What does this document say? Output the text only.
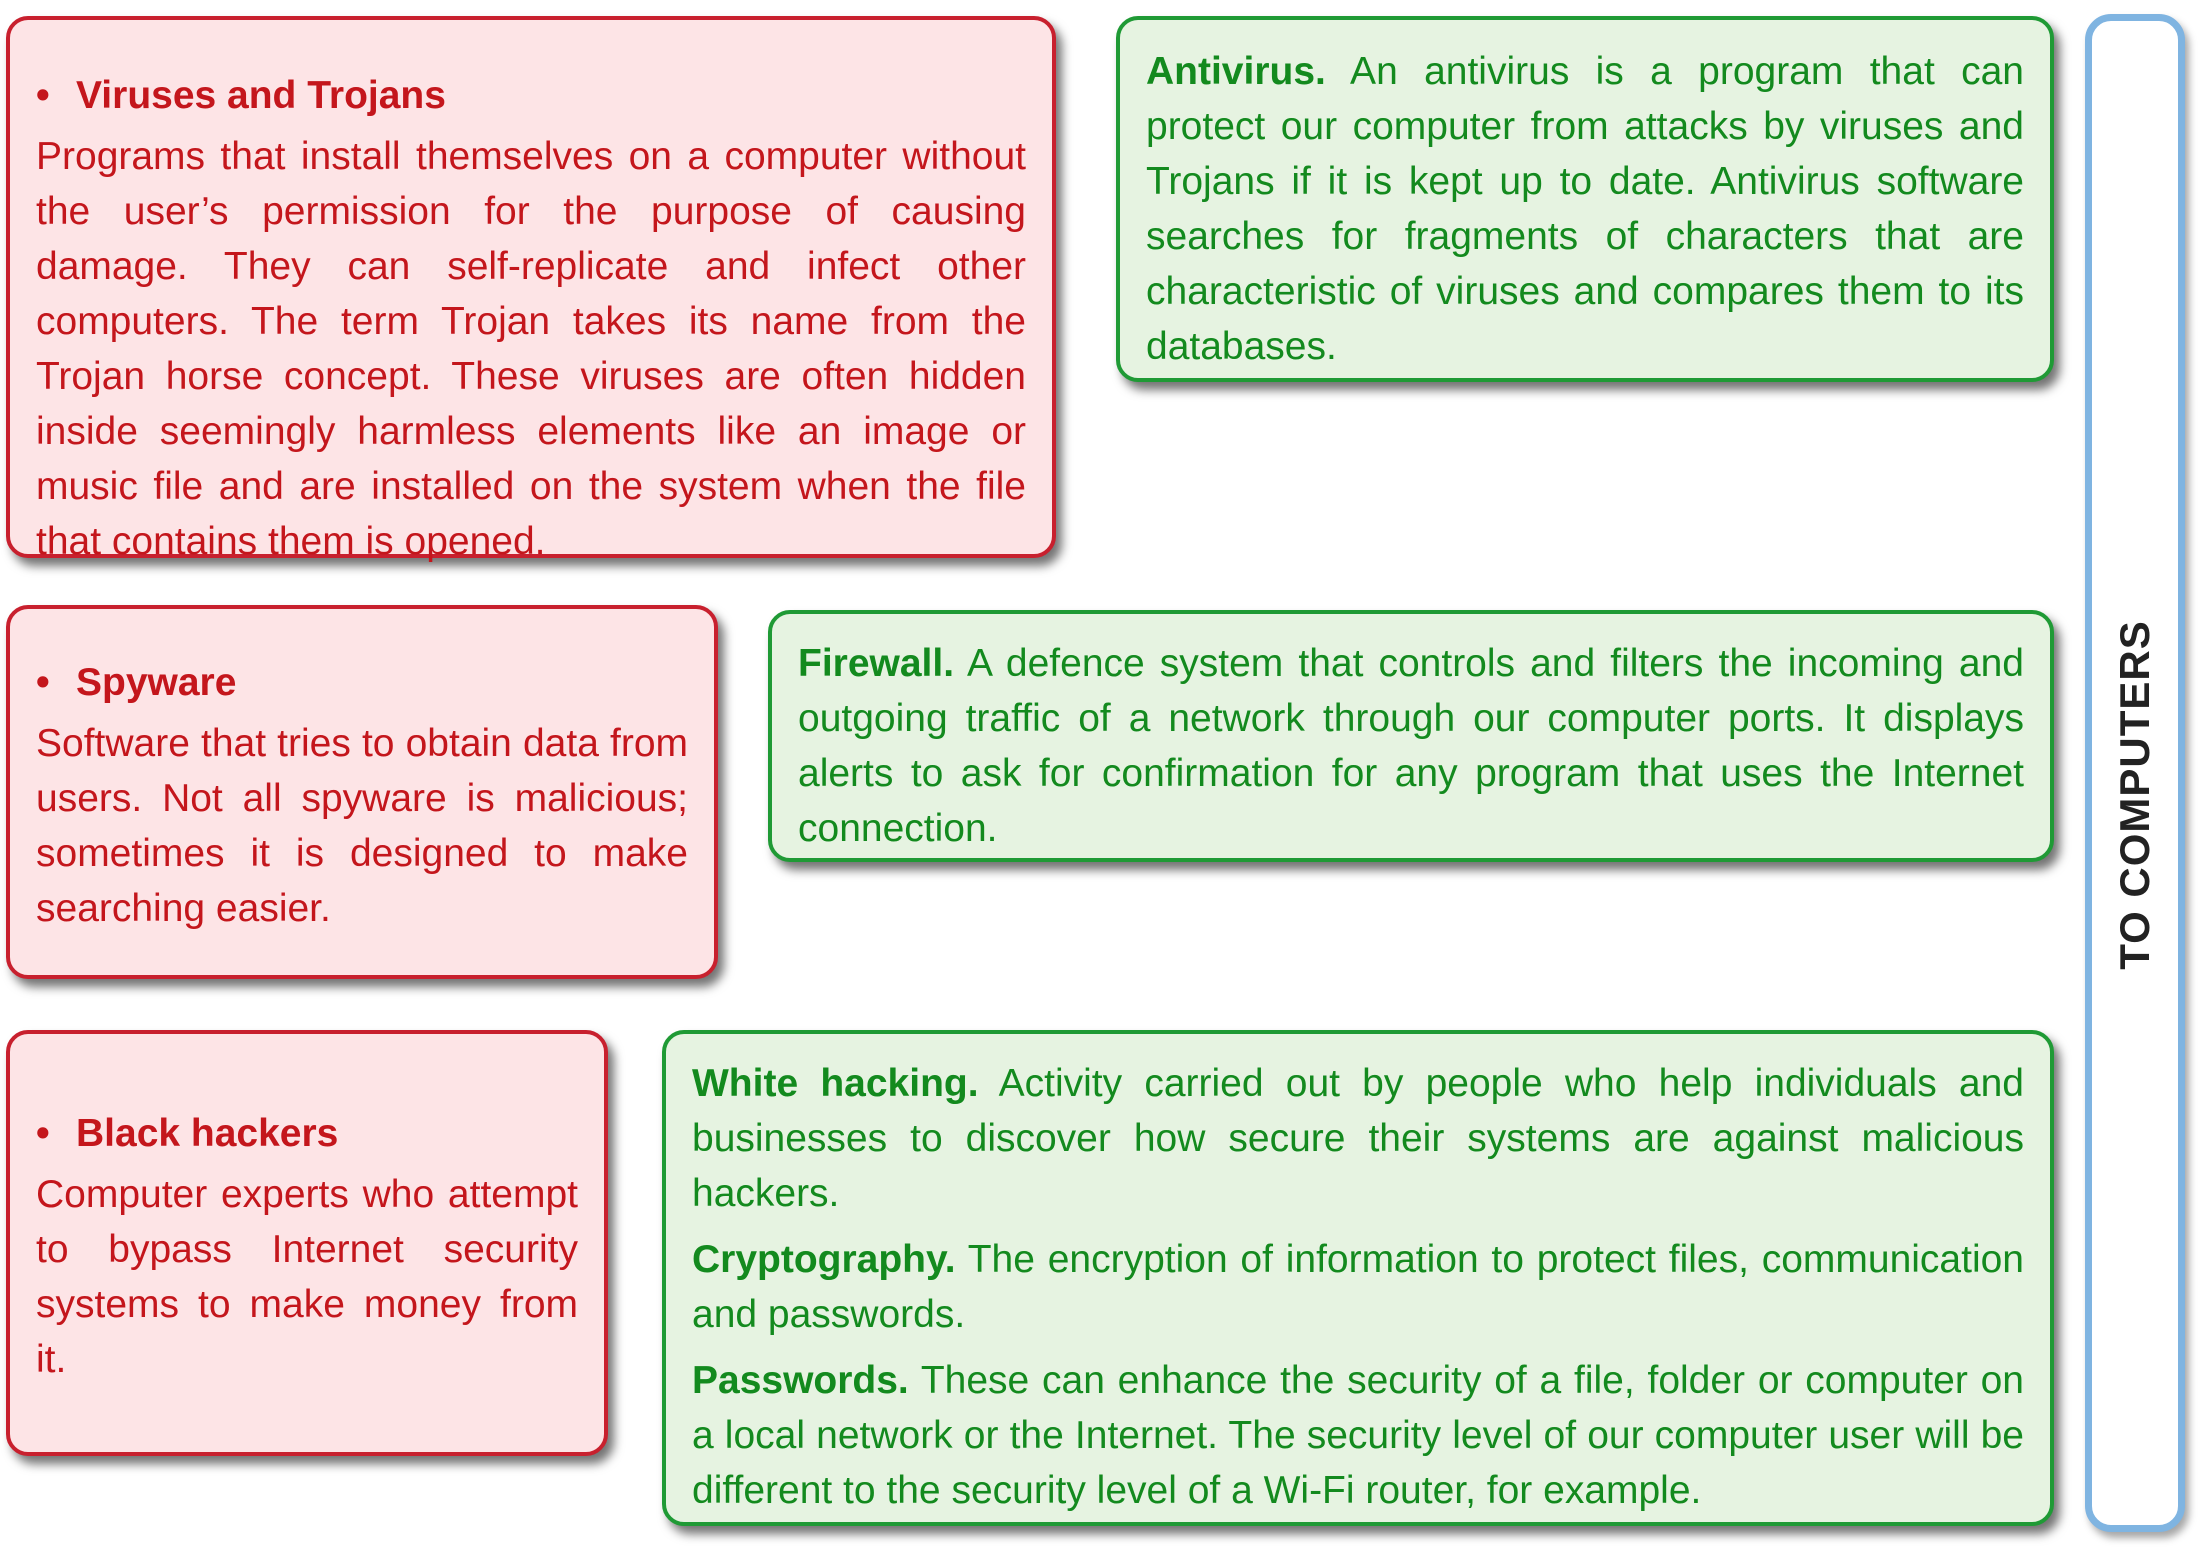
• Viruses and Trojans
Programs that install themselves on a computer without the user’s permission for the purpose of causing damage. They can self-replicate and infect other computers. The term Trojan takes its name from the Trojan horse concept. These viruses are often hidden inside seemingly harmless elements like an image or music file and are installed on the system when the file that contains them is opened.
• Spyware
Software that tries to obtain data from users. Not all spyware is malicious; sometimes it is designed to make searching easier.
• Black hackers
Computer experts who attempt to bypass Internet security systems to make money from it.
Antivirus. An antivirus is a program that can protect our computer from attacks by viruses and Trojans if it is kept up to date. Antivirus software searches for fragments of characters that are characteristic of viruses and compares them to its databases.
Firewall. A defence system that controls and filters the incoming and outgoing traffic of a network through our computer ports. It displays alerts to ask for confirmation for any program that uses the Internet connection.

White hacking. Activity carried out by people who help individuals and businesses to discover how secure their systems are against malicious hackers.

Cryptography. The encryption of information to protect files, communication and passwords.

Passwords. These can enhance the security of a file, folder or computer on a local network or the Internet. The security level of our computer user will be different to the security level of a Wi-Fi router, for example.

TO COMPUTERS
